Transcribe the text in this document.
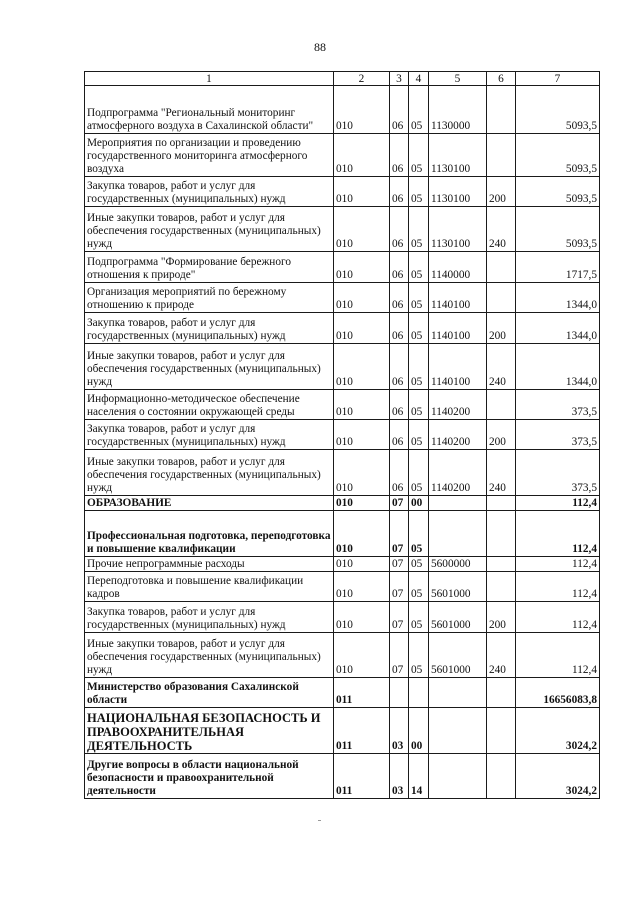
88
1	2	3	4	5	6	7
Подпрограмма "Региональный мониторинг атмосферного воздуха в Сахалинской области"	010	06	05	1130000		5093,5
Мероприятия по организации и проведению государственного мониторинга атмосферного воздуха	010	06	05	1130100		5093,5
Закупка товаров, работ и услуг для государственных (муниципальных) нужд	010	06	05	1130100	200	5093,5
Иные закупки товаров, работ и услуг для обеспечения государственных (муниципальных) нужд	010	06	05	1130100	240	5093,5
Подпрограмма "Формирование бережного отношения к природе"	010	06	05	1140000		1717,5
Организация мероприятий по бережному отношению к природе	010	06	05	1140100		1344,0
Закупка товаров, работ и услуг для государственных (муниципальных) нужд	010	06	05	1140100	200	1344,0
Иные закупки товаров, работ и услуг для обеспечения государственных (муниципальных) нужд	010	06	05	1140100	240	1344,0
Информационно-методическое обеспечение населения о состоянии окружающей среды	010	06	05	1140200		373,5
Закупка товаров, работ и услуг для государственных (муниципальных) нужд	010	06	05	1140200	200	373,5
Иные закупки товаров, работ и услуг для обеспечения государственных (муниципальных) нужд	010	06	05	1140200	240	373,5
ОБРАЗОВАНИЕ	010	07	00			112,4
Профессиональная подготовка, переподготовка и повышение квалификации	010	07	05			112,4
Прочие непрограммные расходы	010	07	05	5600000		112,4
Переподготовка и повышение квалификации кадров	010	07	05	5601000		112,4
Закупка товаров, работ и услуг для государственных (муниципальных) нужд	010	07	05	5601000	200	112,4
Иные закупки товаров, работ и услуг для обеспечения государственных (муниципальных) нужд	010	07	05	5601000	240	112,4
Министерство образования Сахалинской области	011					16656083,8
НАЦИОНАЛЬНАЯ БЕЗОПАСНОСТЬ И ПРАВООХРАНИТЕЛЬНАЯ ДЕЯТЕЛЬНОСТЬ	011	03	00			3024,2
Другие вопросы в области национальной безопасности и правоохранительной деятельности	011	03	14			3024,2
